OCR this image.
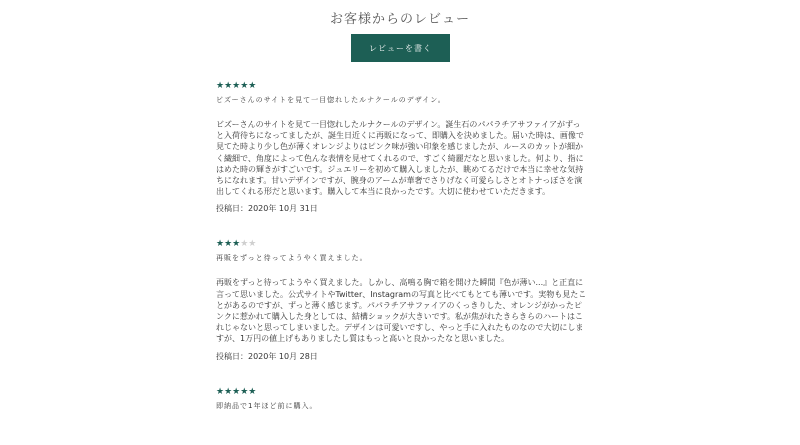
お客様からのレビュー
レビューを書く
★★★★★
ビズーさんのサイトを見て一目惚れしたルナクールのデザイン。
ビズーさんのサイトを見て一目惚れしたルナクールのデザイン。誕生石のパパラチアサファイアがずっと入荷待ちになってましたが、誕生日近くに再販になって、即購入を決めました。届いた時は、画像で見てた時より少し色が薄くオレンジよりはピンク味が強い印象を感じましたが、ルースのカットが細かく繊細で、角度によって色んな表情を見せてくれるので、すごく綺麗だなと思いました。何より、指にはめた時の輝きがすごいです。ジュエリーを初めて購入しましたが、眺めてるだけで本当に幸せな気持ちになれます。甘いデザインですが、腕身のアームが華奢でさりげなく可愛らしさとオトナっぽさを演出してくれる形だと思います。購入して本当に良かったです。大切に使わせていただきます。
投稿日：2020年 10月 31日
★★★★★
再販をずっと待ってようやく買えました。
再販をずっと待ってようやく買えました。しかし、高鳴る胸で箱を開けた瞬間『色が薄い...』と正直に言って思いました。公式サイトやTwitter、Instagramの写真と比べてもとても薄いです。実物も見たことがあるのですが、ずっと薄く感じます。パパラチアサファイアのくっきりした、オレンジがかったピンクに惹かれて購入した身としては、結構ショックが大きいです。私が焦がれたきらきらのハートはこれじゃないと思ってしまいました。デザインは可愛いですし、やっと手に入れたものなので大切にしますが、1万円の値上げもありましたし質はもっと高いと良かったなと思いました。
投稿日：2020年 10月 28日
★★★★★
即納品で1年ほど前に購入。
